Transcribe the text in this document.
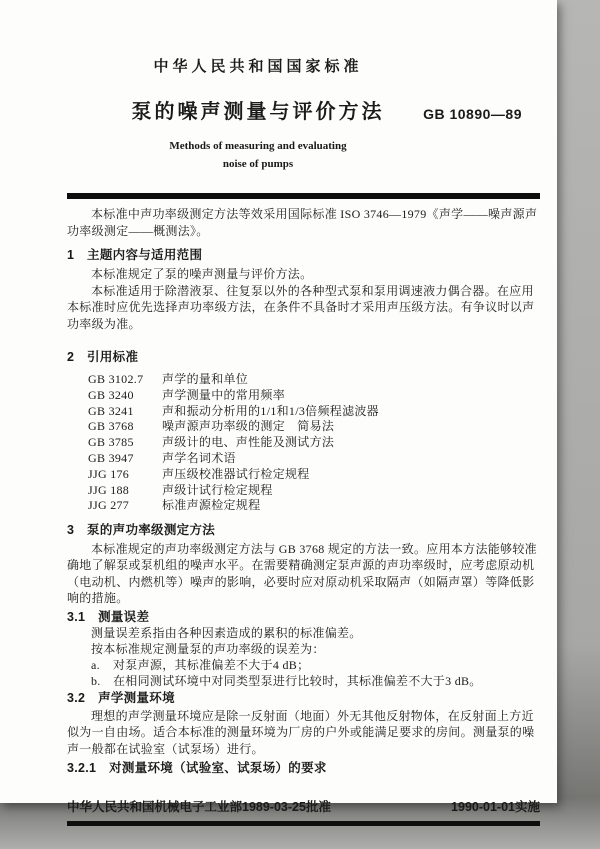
中华人民共和国国家标准
泵的噪声测量与评价方法
Methods of measuring and evaluating
noise of pumps
GB 10890—89

本标准中声功率级测定方法等效采用国际标准 ISO 3746—1979《声学——噪声源声功率级测定——概测法》。

1　主题内容与适用范围

本标准规定了泵的噪声测量与评价方法。

本标准适用于除潜液泵、往复泵以外的各种型式泵和泵用调速液力偶合器。在应用本标准时应优先选择声功率级方法，在条件不具备时才采用声压级方法。有争议时以声功率级为准。

2　引用标准
GB 3102.7	声学的量和单位
GB 3240	声学测量中的常用频率
GB 3241	声和振动分析用的1/1和1/3倍频程滤波器
GB 3768	噪声源声功率级的测定　简易法
GB 3785	声级计的电、声性能及测试方法
GB 3947	声学名词术语
JJG 176	声压级校准器试行检定规程
JJG 188	声级计试行检定规程
JJG 277	标准声源检定规程
3　泵的声功率级测定方法

本标准规定的声功率级测定方法与 GB 3768 规定的方法一致。应用本方法能够较准确地了解泵或泵机组的噪声水平。在需要精确测定泵声源的声功率级时，应考虑原动机（电动机、内燃机等）噪声的影响，必要时应对原动机采取隔声（如隔声罩）等降低影响的措施。

3.1　测量误差

测量误差系指由各种因素造成的累积的标准偏差。

按本标准规定测量泵的声功率级的误差为：

a.	对泵声源，其标准偏差不大于4 dB；
b.	在相同测试环境中对同类型泵进行比较时，其标准偏差不大于3 dB。
3.2　声学测量环境

理想的声学测量环境应是除一反射面（地面）外无其他反射物体，在反射面上方近似为一自由场。适合本标准的测量环境为厂房的户外或能满足要求的房间。测量泵的噪声一般都在试验室（试泵场）进行。

3.2.1　对测量环境（试验室、试泵场）的要求
中华人民共和国机械电子工业部1989-03-25批准	1990-01-01实施
